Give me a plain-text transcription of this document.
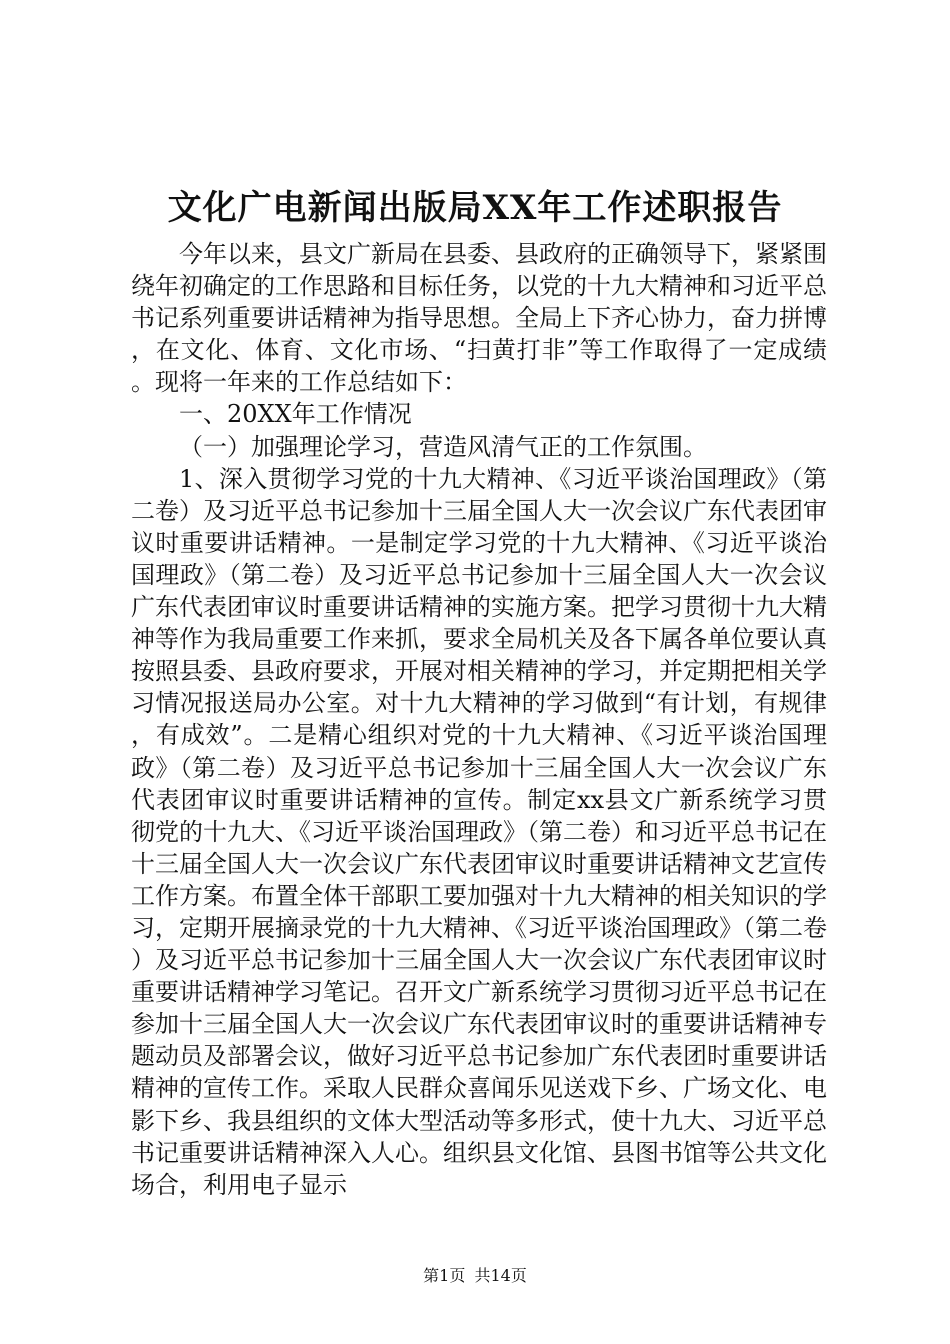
文化广电新闻出版局XX年工作述职报告

今年以来，县文广新局在县委、县政府的正确领导下，紧紧围绕年初确定的工作思路和目标任务，以党的十九大精神和习近平总书记系列重要讲话精神为指导思想。全局上下齐心协力，奋力拼博，在文化、体育、文化市场、“扫黄打非”等工作取得了一定成绩。现将一年来的工作总结如下：

一、20XX年工作情况

（一）加强理论学习，营造风清气正的工作氛围。

1、深入贯彻学习党的十九大精神、《习近平谈治国理政》（第二卷）及习近平总书记参加十三届全国人大一次会议广东代表团审议时重要讲话精神。一是制定学习党的十九大精神、《习近平谈治国理政》（第二卷）及习近平总书记参加十三届全国人大一次会议广东代表团审议时重要讲话精神的实施方案。把学习贯彻十九大精神等作为我局重要工作来抓，要求全局机关及各下属各单位要认真按照县委、县政府要求，开展对相关精神的学习，并定期把相关学习情况报送局办公室。对十九大精神的学习做到“有计划，有规律，有成效”。二是精心组织对党的十九大精神、《习近平谈治国理政》（第二卷）及习近平总书记参加十三届全国人大一次会议广东代表团审议时重要讲话精神的宣传。制定xx县文广新系统学习贯彻党的十九大、《习近平谈治国理政》（第二卷）和习近平总书记在十三届全国人大一次会议广东代表团审议时重要讲话精神文艺宣传工作方案。布置全体干部职工要加强对十九大精神的相关知识的学习，定期开展摘录党的十九大精神、《习近平谈治国理政》（第二卷）及习近平总书记参加十三届全国人大一次会议广东代表团审议时重要讲话精神学习笔记。召开文广新系统学习贯彻习近平总书记在参加十三届全国人大一次会议广东代表团审议时的重要讲话精神专题动员及部署会议，做好习近平总书记参加广东代表团时重要讲话精神的宣传工作。采取人民群众喜闻乐见送戏下乡、广场文化、电影下乡、我县组织的文体大型活动等多形式，使十九大、习近平总书记重要讲话精神深入人心。组织县文化馆、县图书馆等公共文化场合，利用电子显示

第1页 共14页
